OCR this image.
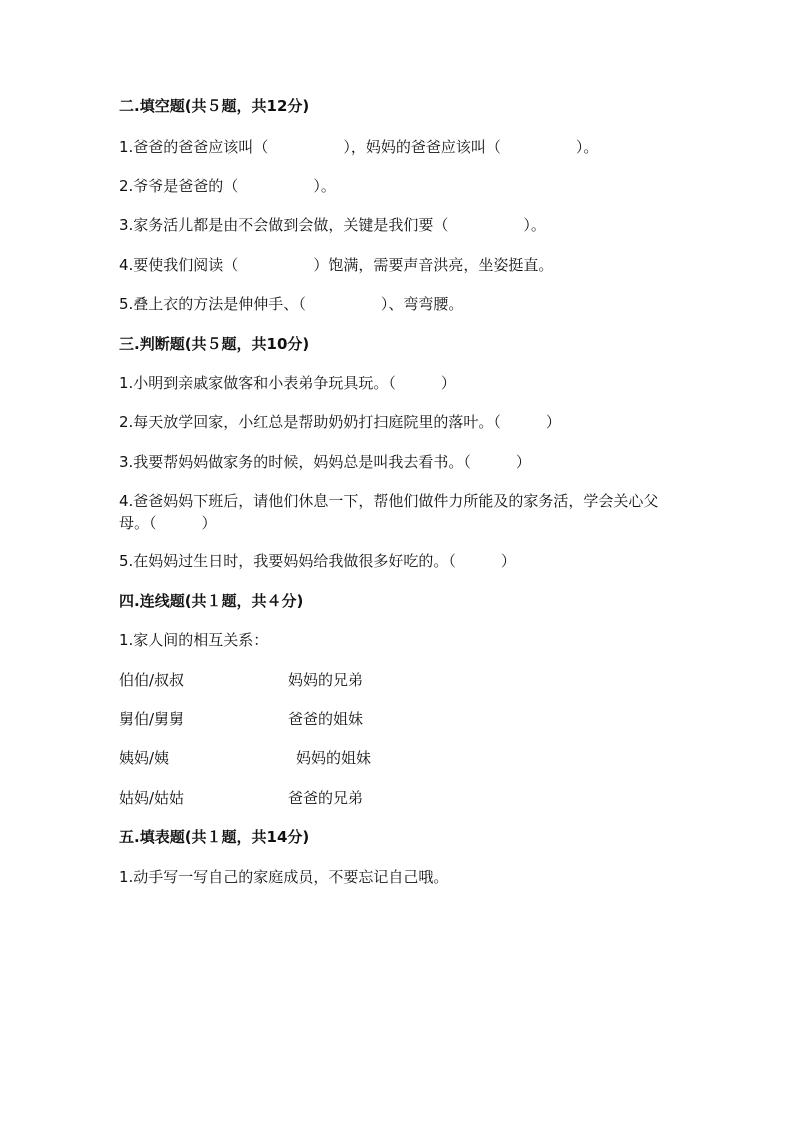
二.填空题(共５题，共12分)
1.爸爸的爸爸应该叫（　　　　　），妈妈的爸爸应该叫（　　　　　）。
2.爷爷是爸爸的（　　　　　）。
3.家务活儿都是由不会做到会做，关键是我们要（　　　　　）。
4.要使我们阅读（　　　　　）饱满，需要声音洪亮，坐姿挺直。
5.叠上衣的方法是伸伸手、（　　　　　）、弯弯腰。
三.判断题(共５题，共10分)
1.小明到亲戚家做客和小表弟争玩具玩。（　　　）
2.每天放学回家，小红总是帮助奶奶打扫庭院里的落叶。（　　　）
3.我要帮妈妈做家务的时候，妈妈总是叫我去看书。（　　　）
4.爸爸妈妈下班后，请他们休息一下，帮他们做件力所能及的家务活，学会关心父母。（　　　）
5.在妈妈过生日时，我要妈妈给我做很多好吃的。（　　　）
四.连线题(共１题，共４分)
1.家人间的相互关系：
伯伯/叔叔	妈妈的兄弟
舅伯/舅舅	爸爸的姐妹
姨妈/姨	妈妈的姐妹
姑妈/姑姑	爸爸的兄弟
五.填表题(共１题，共14分)
1.动手写一写自己的家庭成员，不要忘记自己哦。
